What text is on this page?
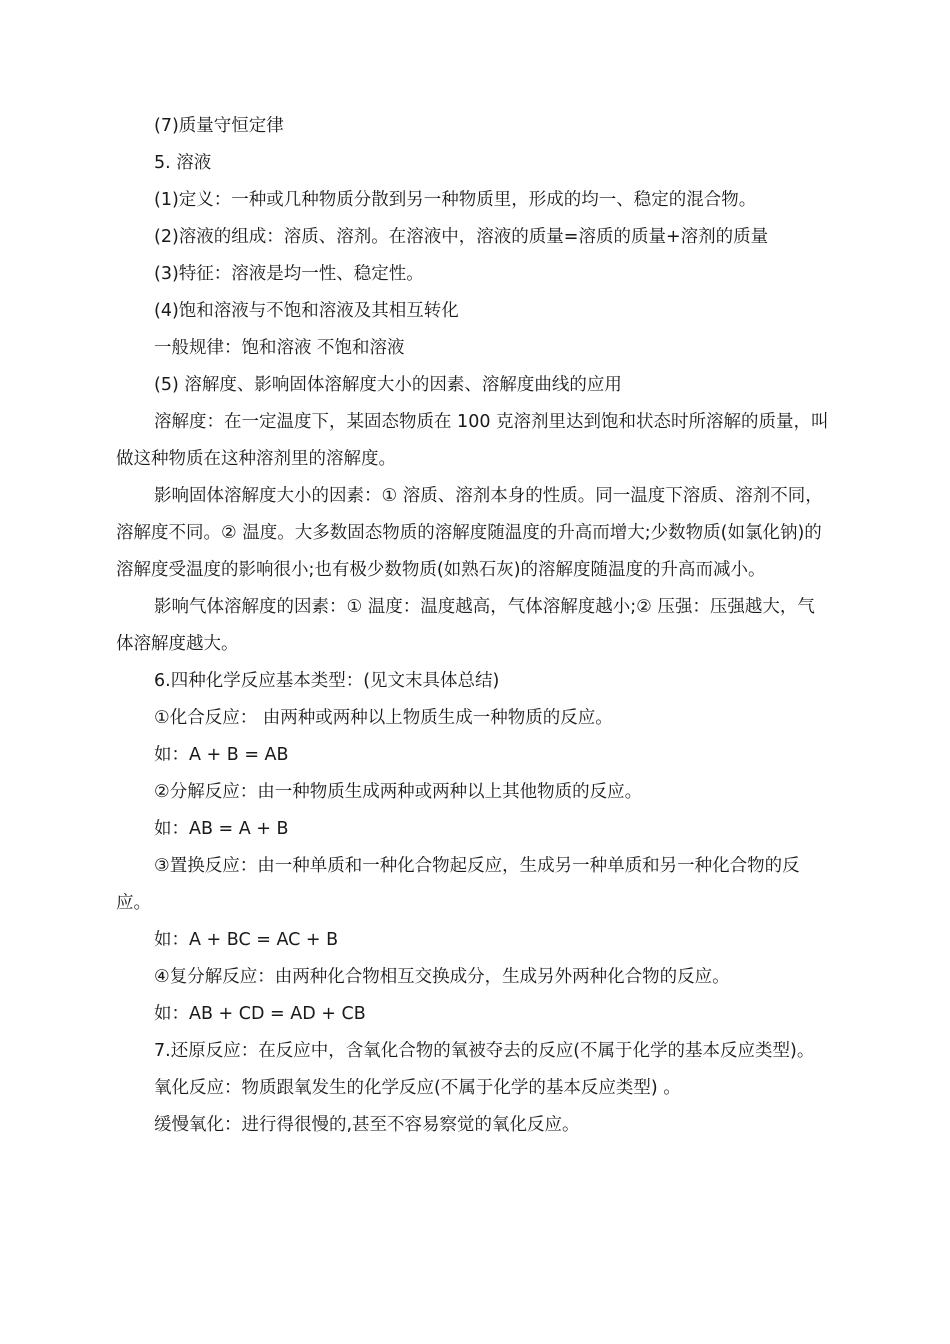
(7)质量守恒定律

5. 溶液

(1)定义：一种或几种物质分散到另一种物质里，形成的均一、稳定的混合物。

(2)溶液的组成：溶质、溶剂。在溶液中，溶液的质量=溶质的质量+溶剂的质量

(3)特征：溶液是均一性、稳定性。

(4)饱和溶液与不饱和溶液及其相互转化

一般规律：饱和溶液 不饱和溶液

(5) 溶解度、影响固体溶解度大小的因素、溶解度曲线的应用

溶解度：在一定温度下，某固态物质在 100 克溶剂里达到饱和状态时所溶解的质量，叫做这种物质在这种溶剂里的溶解度。

影响固体溶解度大小的因素：① 溶质、溶剂本身的性质。同一温度下溶质、溶剂不同，溶解度不同。② 温度。大多数固态物质的溶解度随温度的升高而增大;少数物质(如氯化钠)的溶解度受温度的影响很小;也有极少数物质(如熟石灰)的溶解度随温度的升高而减小。

影响气体溶解度的因素：① 温度：温度越高，气体溶解度越小;② 压强：压强越大，气体溶解度越大。

6.四种化学反应基本类型：(见文末具体总结)

①化合反应： 由两种或两种以上物质生成一种物质的反应。

如：A + B = AB

②分解反应：由一种物质生成两种或两种以上其他物质的反应。

如：AB = A + B

③置换反应：由一种单质和一种化合物起反应，生成另一种单质和另一种化合物的反应。

如：A + BC = AC + B

④复分解反应：由两种化合物相互交换成分，生成另外两种化合物的反应。

如：AB + CD = AD + CB

7.还原反应：在反应中，含氧化合物的氧被夺去的反应(不属于化学的基本反应类型)。

氧化反应：物质跟氧发生的化学反应(不属于化学的基本反应类型) 。

缓慢氧化：进行得很慢的,甚至不容易察觉的氧化反应。
